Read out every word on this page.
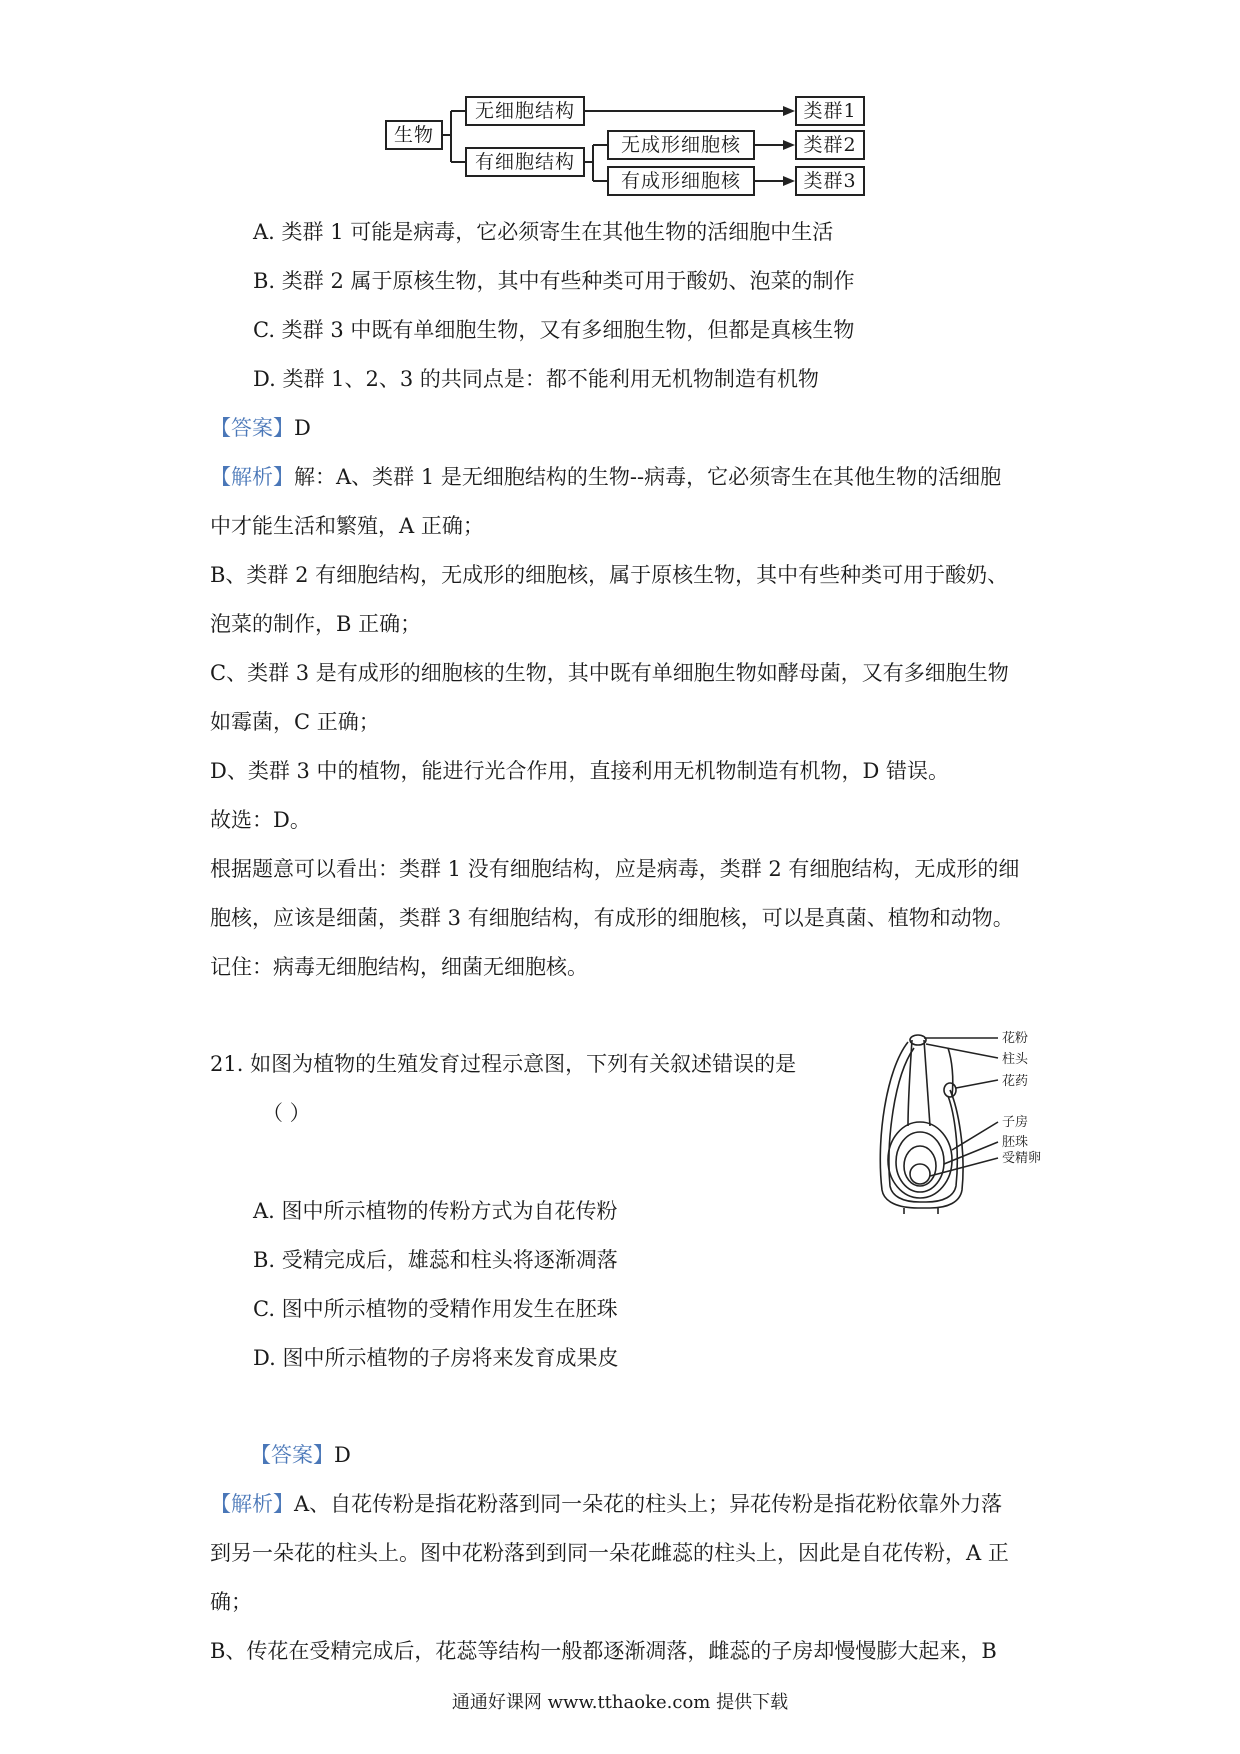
生物
无细胞结构
有细胞结构
无成形细胞核
有成形细胞核
类群1
类群2
类群3
A. 类群 1 可能是病毒，它必须寄生在其他生物的活细胞中生活
B. 类群 2 属于原核生物，其中有些种类可用于酸奶、泡菜的制作
C. 类群 3 中既有单细胞生物，又有多细胞生物，但都是真核生物
D. 类群 1、2、3 的共同点是：都不能利用无机物制造有机物
【答案】D
【解析】解：A、类群 1 是无细胞结构的生物--病毒，它必须寄生在其他生物的活细胞
中才能生活和繁殖，A 正确；
B、类群 2 有细胞结构，无成形的细胞核，属于原核生物，其中有些种类可用于酸奶、
泡菜的制作，B 正确；
C、类群 3 是有成形的细胞核的生物，其中既有单细胞生物如酵母菌，又有多细胞生物
如霉菌，C 正确；
D、类群 3 中的植物，能进行光合作用，直接利用无机物制造有机物，D 错误。
故选：D。
根据题意可以看出：类群 1 没有细胞结构，应是病毒，类群 2 有细胞结构，无成形的细
胞核，应该是细菌，类群 3 有细胞结构，有成形的细胞核，可以是真菌、植物和动物。
记住：病毒无细胞结构，细菌无细胞核。
21. 如图为植物的生殖发育过程示意图，下列有关叙述错误的是
（ ）
花粉
柱头
花药
子房
胚珠
受精卵
A. 图中所示植物的传粉方式为自花传粉
B. 受精完成后，雄蕊和柱头将逐渐凋落
C. 图中所示植物的受精作用发生在胚珠
D. 图中所示植物的子房将来发育成果皮
【答案】D
【解析】A、自花传粉是指花粉落到同一朵花的柱头上；异花传粉是指花粉依靠外力落
到另一朵花的柱头上。图中花粉落到到同一朵花雌蕊的柱头上，因此是自花传粉，A 正
确；
B、传花在受精完成后，花蕊等结构一般都逐渐凋落，雌蕊的子房却慢慢膨大起来，B
通通好课网 www.tthaoke.com 提供下载
